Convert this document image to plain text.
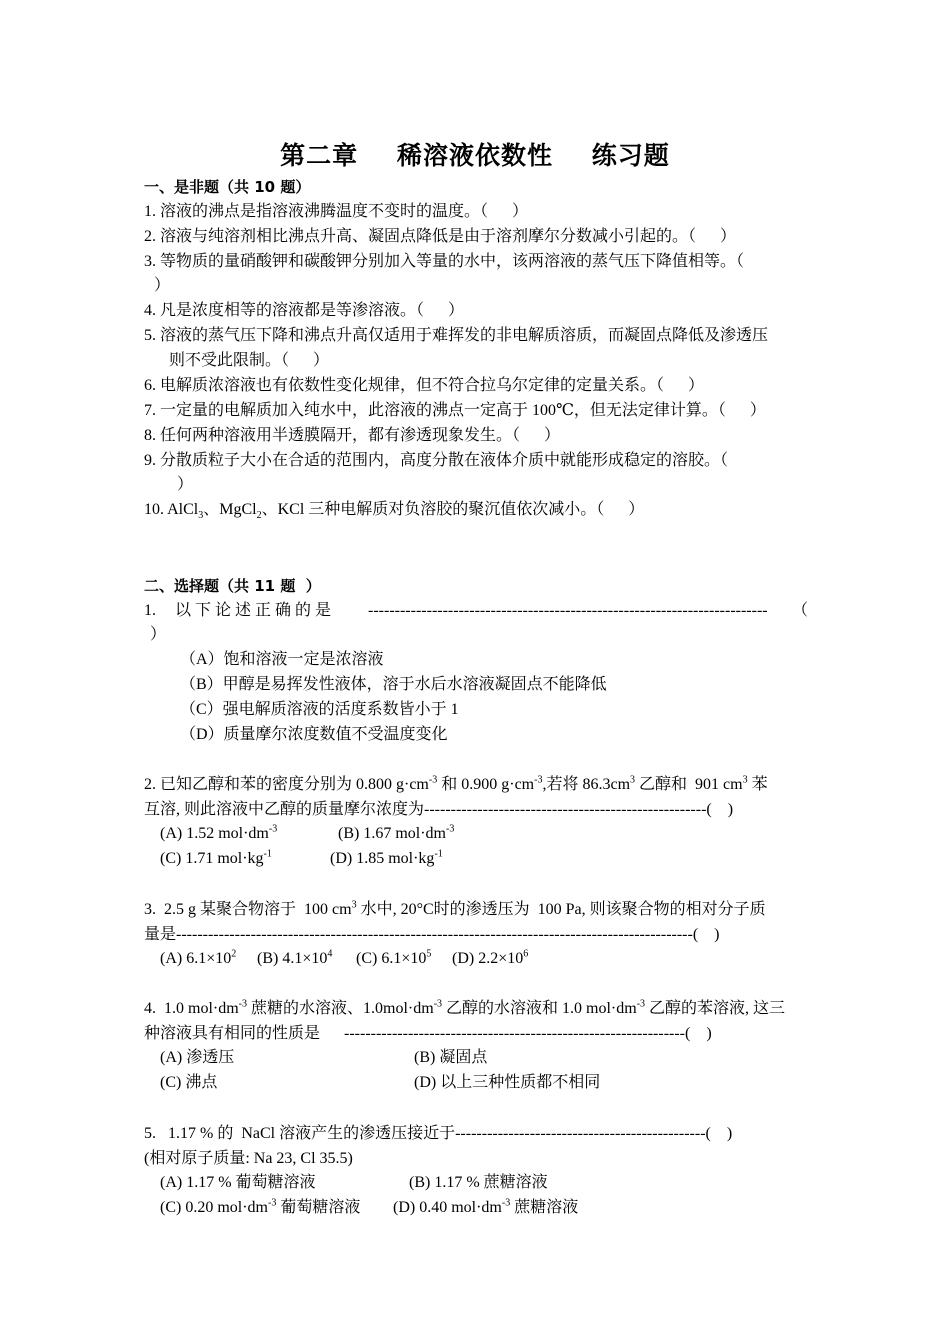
第二章    稀溶液依数性    练习题
一、是非题（共 10 题）
1. 溶液的沸点是指溶液沸腾温度不变时的温度。（      ）
2. 溶液与纯溶剂相比沸点升高、凝固点降低是由于溶剂摩尔分数减小引起的。（      ）
3. 等物质的量硝酸钾和碳酸钾分别加入等量的水中，该两溶液的蒸气压下降值相等。（
）
4. 凡是浓度相等的溶液都是等渗溶液。（      ）
5. 溶液的蒸气压下降和沸点升高仅适用于难挥发的非电解质溶质，而凝固点降低及渗透压
则不受此限制。（      ）
6. 电解质浓溶液也有依数性变化规律，但不符合拉乌尔定律的定量关系。（      ）
7. 一定量的电解质加入纯水中，此溶液的沸点一定高于 100℃，但无法定律计算。（      ）
8. 任何两种溶液用半透膜隔开，都有渗透现象发生。（      ）
9. 分散质粒子大小在合适的范围内，高度分散在液体介质中就能形成稳定的溶胶。（
）
10. AlCl$_3$、MgCl$_2$、KCl 三种电解质对负溶胶的聚沉值依次减小。（      ）
二、选择题（共 11 题  ）
1. 以下论述正确的是 ---------------------------------------------------------------------------	（
）
（A）饱和溶液一定是浓溶液
（B）甲醇是易挥发性液体，溶于水后水溶液凝固点不能降低
（C）强电解质溶液的活度系数皆小于 1
（D）质量摩尔浓度数值不受温度变化
2. 已知乙醇和苯的密度分别为 0.800 $g\cdot cm^{-3}$ 和 0.900 $g\cdot cm^{-3}$,若将 $86.3cm^3$ 乙醇和  901 $cm^3$ 苯
互溶, 则此溶液中乙醇的质量摩尔浓度为-----------------------------------------------------(    )
(A) 1.52 $mol\cdot dm^{-3}$	(B) 1.67 $mol\cdot dm^{-3}$
(C) 1.71 $mol\cdot kg^{-1}$	(D) 1.85 $mol\cdot kg^{-1}$
3.  2.5 g 某聚合物溶于  100 $cm^3$ 水中, 20°C时的渗透压为  100 Pa, 则该聚合物的相对分子质
量是-------------------------------------------------------------------------------------------------(    )
(A) $6.1\times 10^2$ (B) $4.1\times 10^4$ (C) $6.1\times 10^5$ (D) $2.2\times 10^6$
4.  1.0 $mol\cdot dm^{-3}$ 蔗糖的水溶液、$1.0mol\cdot dm^{-3}$ 乙醇的水溶液和 1.0 $mol\cdot dm^{-3}$ 乙醇的苯溶液, 这三
种溶液具有相同的性质是      ----------------------------------------------------------------(    )
(A) 渗透压	(B) 凝固点
(C) 沸点	(D) 以上三种性质都不相同
5.   1.17 % 的  NaCl 溶液产生的渗透压接近于-----------------------------------------------(    )
(相对原子质量: Na 23, Cl 35.5)
(A) 1.17 % 葡萄糖溶液	(B) 1.17 % 蔗糖溶液
(C) 0.20 $mol\cdot dm^{-3}$ 葡萄糖溶液 (D) 0.40 $mol\cdot dm^{-3}$ 蔗糖溶液
